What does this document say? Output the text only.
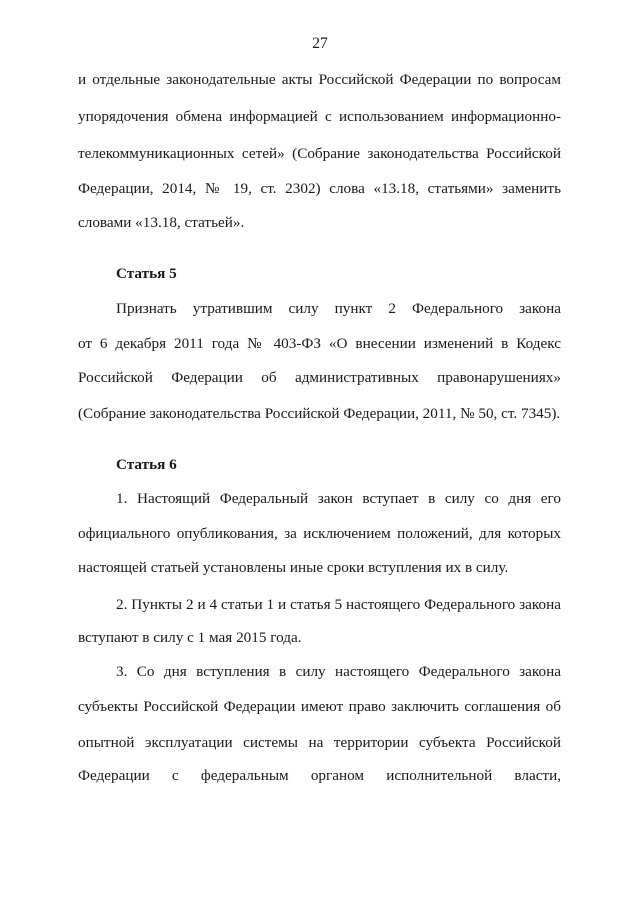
27
и отдельные законодательные акты Российской Федерации по вопросам
упорядочения обмена информацией с использованием информационно-
телекоммуникационных сетей» (Собрание законодательства Российской
Федерации, 2014, № 19, ст. 2302) слова «13.18, статьями» заменить
словами «13.18, статьей».
Статья 5
Признать утратившим силу пункт 2 Федерального закона
от 6 декабря 2011 года № 403-ФЗ «О внесении изменений в Кодекс
Российской Федерации об административных правонарушениях»
(Собрание законодательства Российской Федерации, 2011, № 50, ст. 7345).
Статья 6
1. Настоящий Федеральный закон вступает в силу со дня его
официального опубликования, за исключением положений, для которых
настоящей статьей установлены иные сроки вступления их в силу.
2. Пункты 2 и 4 статьи 1 и статья 5 настоящего Федерального закона
вступают в силу с 1 мая 2015 года.
3. Со дня вступления в силу настоящего Федерального закона
субъекты Российской Федерации имеют право заключить соглашения об
опытной эксплуатации системы на территории субъекта Российской
Федерации с федеральным органом исполнительной власти,
